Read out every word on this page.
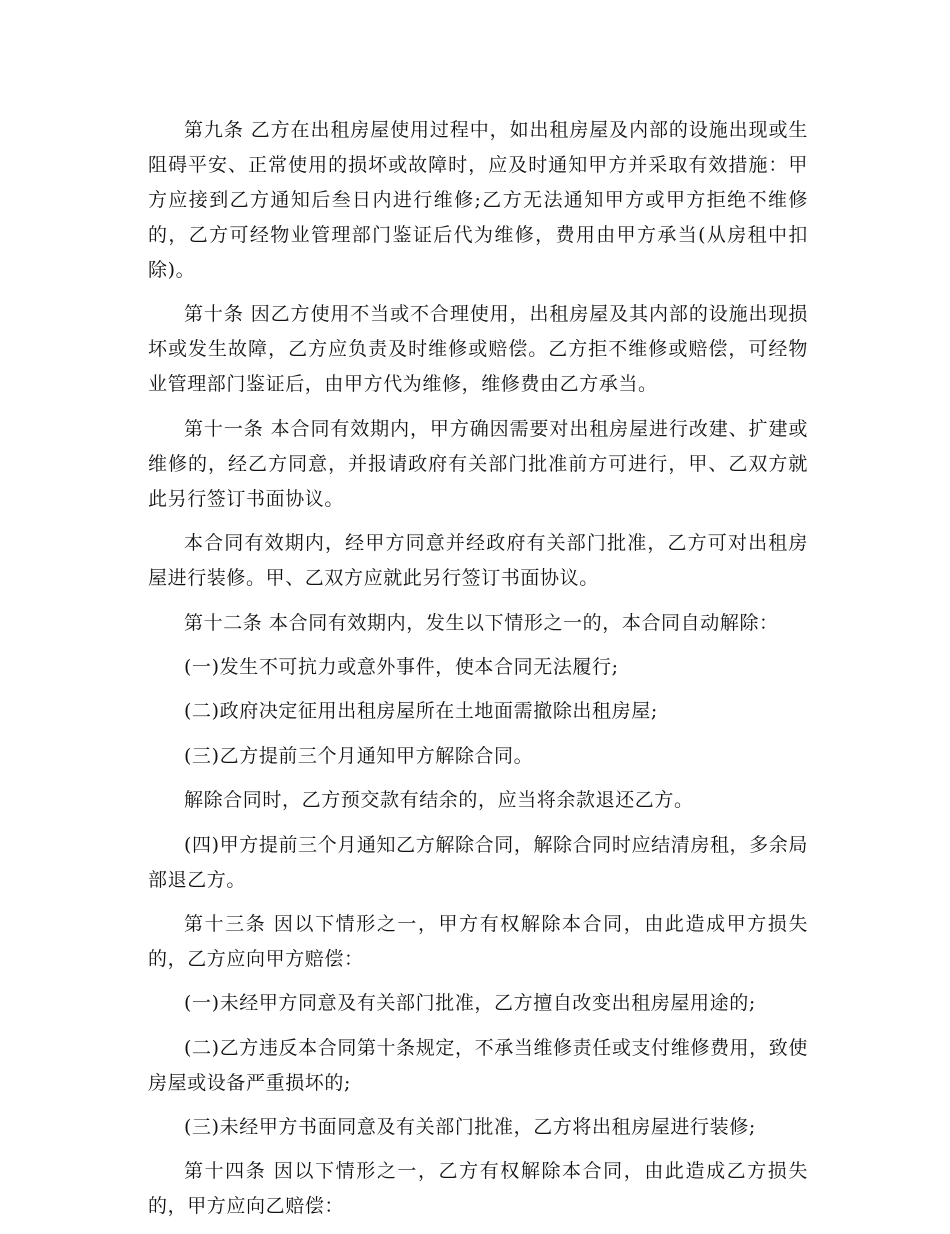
第九条 乙方在出租房屋使用过程中，如出租房屋及内部的设施出现或生阻碍平安、正常使用的损坏或故障时，应及时通知甲方并采取有效措施：甲方应接到乙方通知后叁日内进行维修;乙方无法通知甲方或甲方拒绝不维修的，乙方可经物业管理部门鉴证后代为维修，费用由甲方承当(从房租中扣除)。

第十条 因乙方使用不当或不合理使用，出租房屋及其内部的设施出现损坏或发生故障，乙方应负责及时维修或赔偿。乙方拒不维修或赔偿，可经物业管理部门鉴证后，由甲方代为维修，维修费由乙方承当。

第十一条 本合同有效期内，甲方确因需要对出租房屋进行改建、扩建或维修的，经乙方同意，并报请政府有关部门批准前方可进行，甲、乙双方就此另行签订书面协议。

本合同有效期内，经甲方同意并经政府有关部门批准，乙方可对出租房屋进行装修。甲、乙双方应就此另行签订书面协议。

第十二条 本合同有效期内，发生以下情形之一的，本合同自动解除：

(一)发生不可抗力或意外事件，使本合同无法履行;

(二)政府决定征用出租房屋所在土地面需撤除出租房屋;

(三)乙方提前三个月通知甲方解除合同。

解除合同时，乙方预交款有结余的，应当将余款退还乙方。

(四)甲方提前三个月通知乙方解除合同，解除合同时应结清房租，多余局部退乙方。

第十三条 因以下情形之一，甲方有权解除本合同，由此造成甲方损失的，乙方应向甲方赔偿：

(一)未经甲方同意及有关部门批准，乙方擅自改变出租房屋用途的;

(二)乙方违反本合同第十条规定，不承当维修责任或支付维修费用，致使房屋或设备严重损坏的;

(三)未经甲方书面同意及有关部门批准，乙方将出租房屋进行装修;

第十四条 因以下情形之一，乙方有权解除本合同，由此造成乙方损失的，甲方应向乙赔偿：
